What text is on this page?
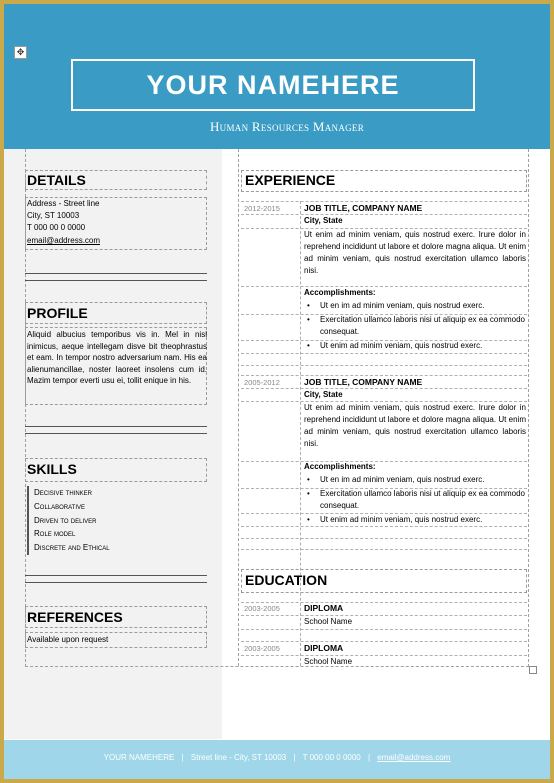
✥
YOUR NAMEHERE
Human Resources Manager
DETAILS
Address - Street line
City, ST 10003
T 000 00 0 0000
email@address.com
PROFILE
Aliquid albucius temporibus vis in. Mel in nisl inimicus, aeque intellegam disve bit theophrastus et eam. In tempor nostro adversarium nam. His ea alienumancillae, noster laoreet insolens cum id. Mazim tempor everti usu ei, tollit enique in his.
SKILLS
Decisive thinker
Collaborative
Driven to deliver
Role model
Discrete and Ethical
REFERENCES
Available upon request
EXPERIENCE
2012-2015	JOB TITLE, COMPANY NAME
City, State
Ut enim ad minim veniam, quis nostrud exerc. Irure dolor in reprehend incididunt ut labore et dolore magna aliqua. Ut enim ad minim veniam, quis nostrud exercitation ullamco laboris nisi.
Accomplishments:
• Ut en im ad minim veniam, quis nostrud exerc.
• Exercitation ullamco laboris nisi ut aliquip ex ea commodo consequat.
• Ut enim ad minim veniam, quis nostrud exerc.
2005-2012	JOB TITLE, COMPANY NAME
City, State
Ut enim ad minim veniam, quis nostrud exerc. Irure dolor in reprehend incididunt ut labore et dolore magna aliqua. Ut enim ad minim veniam, quis nostrud exercitation ullamco laboris nisi.
Accomplishments:
• Ut en im ad minim veniam, quis nostrud exerc.
• Exercitation ullamco laboris nisi ut aliquip ex ea commodo consequat.
• Ut enim ad minim veniam, quis nostrud exerc.
EDUCATION
2003-2005	DIPLOMA
School Name
2003-2005	DIPLOMA
School Name
YOUR NAMEHERE | Street line - City, ST 10003 | T 000 00 0 0000 | email@address.com
